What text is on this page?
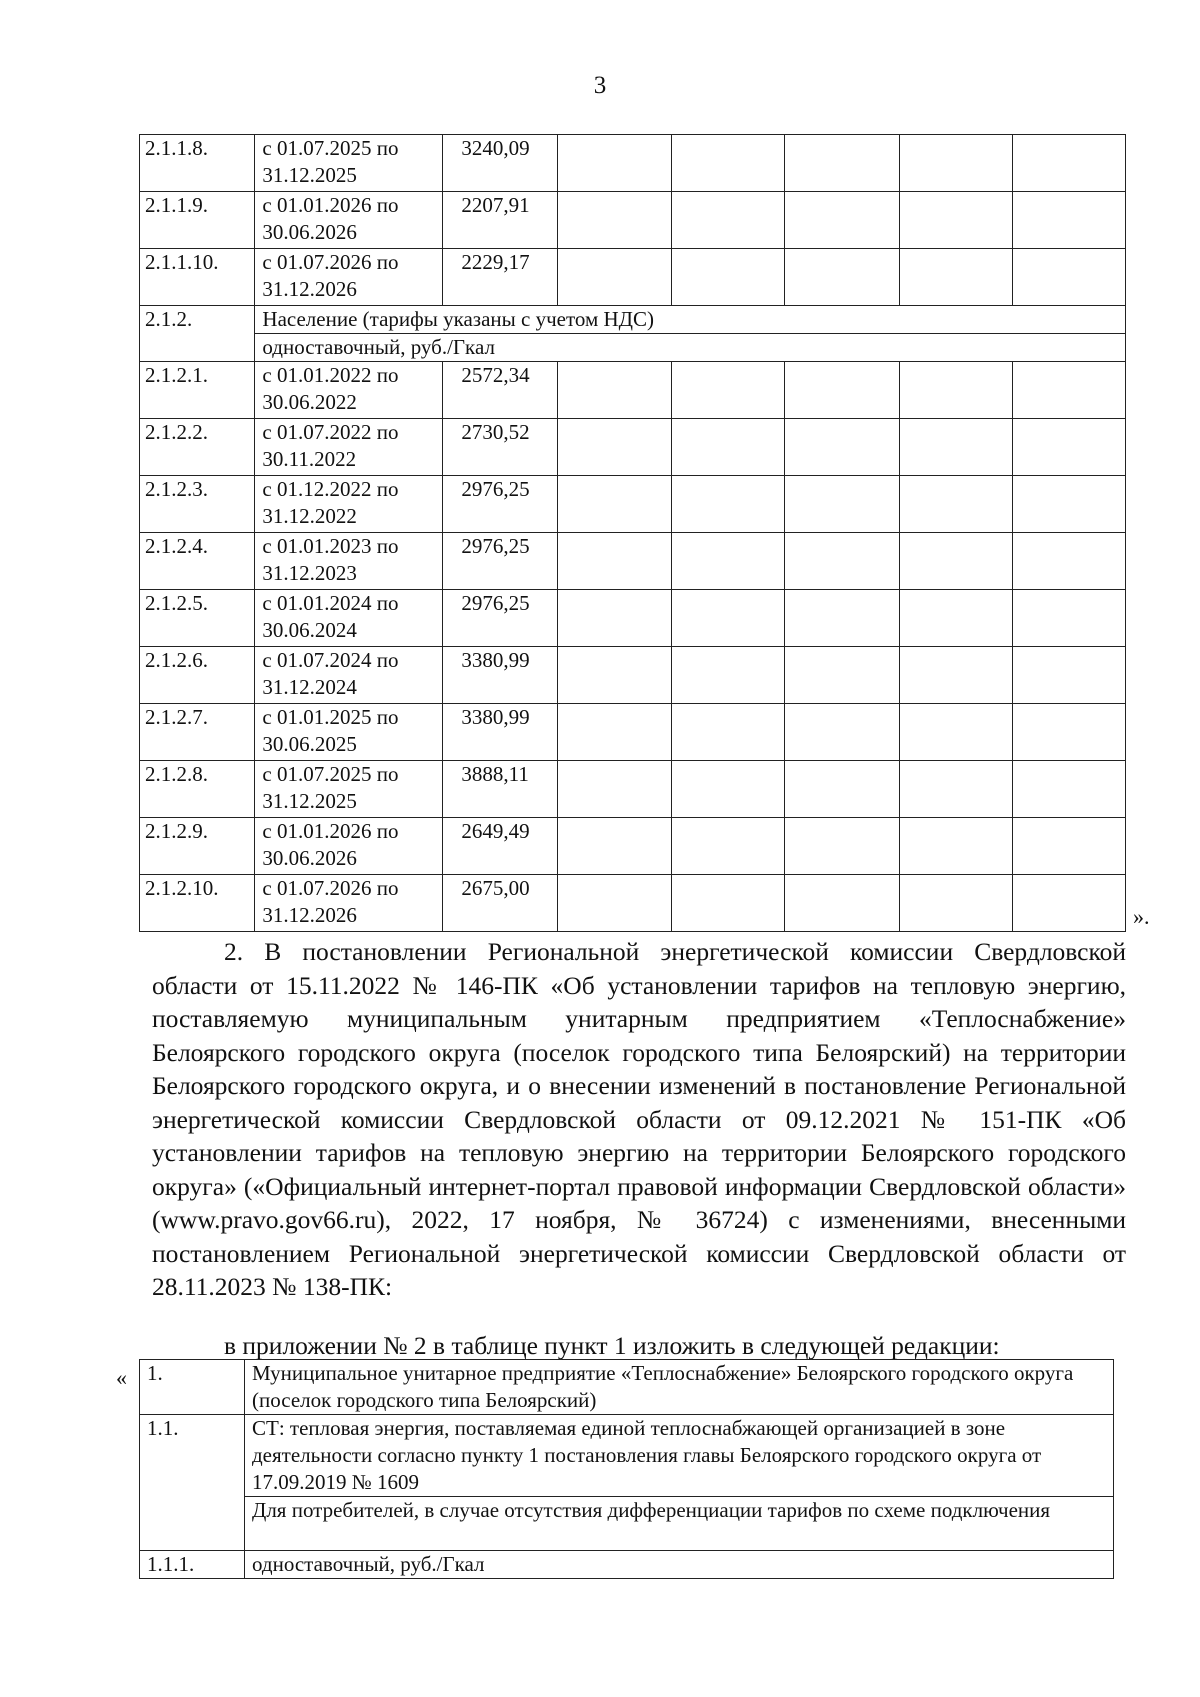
3
2.1.1.8.	с 01.07.2025 по 31.12.2025	3240,09					
2.1.1.9.	с 01.01.2026 по 30.06.2026	2207,91					
2.1.1.10.	с 01.07.2026 по 31.12.2026	2229,17					
2.1.2.	Население (тарифы указаны с учетом НДС)						
	одноставочный, руб./Гкал						
2.1.2.1.	с 01.01.2022 по 30.06.2022	2572,34					
2.1.2.2.	с 01.07.2022 по 30.11.2022	2730,52					
2.1.2.3.	с 01.12.2022 по 31.12.2022	2976,25					
2.1.2.4.	с 01.01.2023 по 31.12.2023	2976,25					
2.1.2.5.	с 01.01.2024 по 30.06.2024	2976,25					
2.1.2.6.	с 01.07.2024 по 31.12.2024	3380,99					
2.1.2.7.	с 01.01.2025 по 30.06.2025	3380,99					
2.1.2.8.	с 01.07.2025 по 31.12.2025	3888,11					
2.1.2.9.	с 01.01.2026 по 30.06.2026	2649,49					
2.1.2.10.	с 01.07.2026 по 31.12.2026	2675,00					
».

2. В постановлении Региональной энергетической комиссии Свердловской области от 15.11.2022 № 146-ПК «Об установлении тарифов на тепловую энергию, поставляемую муниципальным унитарным предприятием «Теплоснабжение» Белоярского городского округа (поселок городского типа Белоярский) на территории Белоярского городского округа, и о внесении изменений в постановление Региональной энергетической комиссии Свердловской области от 09.12.2021 № 151-ПК «Об установлении тарифов на тепловую энергию на территории Белоярского городского округа» («Официальный интернет-портал правовой информации Свердловской области» (www.pravo.gov66.ru), 2022, 17 ноября, № 36724) с изменениями, внесенными постановлением Региональной энергетической комиссии Свердловской области от 28.11.2023 № 138-ПК:

в приложении № 2 в таблице пункт 1 изложить в следующей редакции:
« 1.	Муниципальное унитарное предприятие «Теплоснабжение» Белоярского городского округа (поселок городского типа Белоярский)
1.1.	СТ: тепловая энергия, поставляемая единой теплоснабжающей организацией в зоне деятельности согласно пункту 1 постановления главы Белоярского городского округа от 17.09.2019 № 1609
	Для потребителей, в случае отсутствия дифференциации тарифов по схеме подключения
1.1.1.	одноставочный, руб./Гкал
